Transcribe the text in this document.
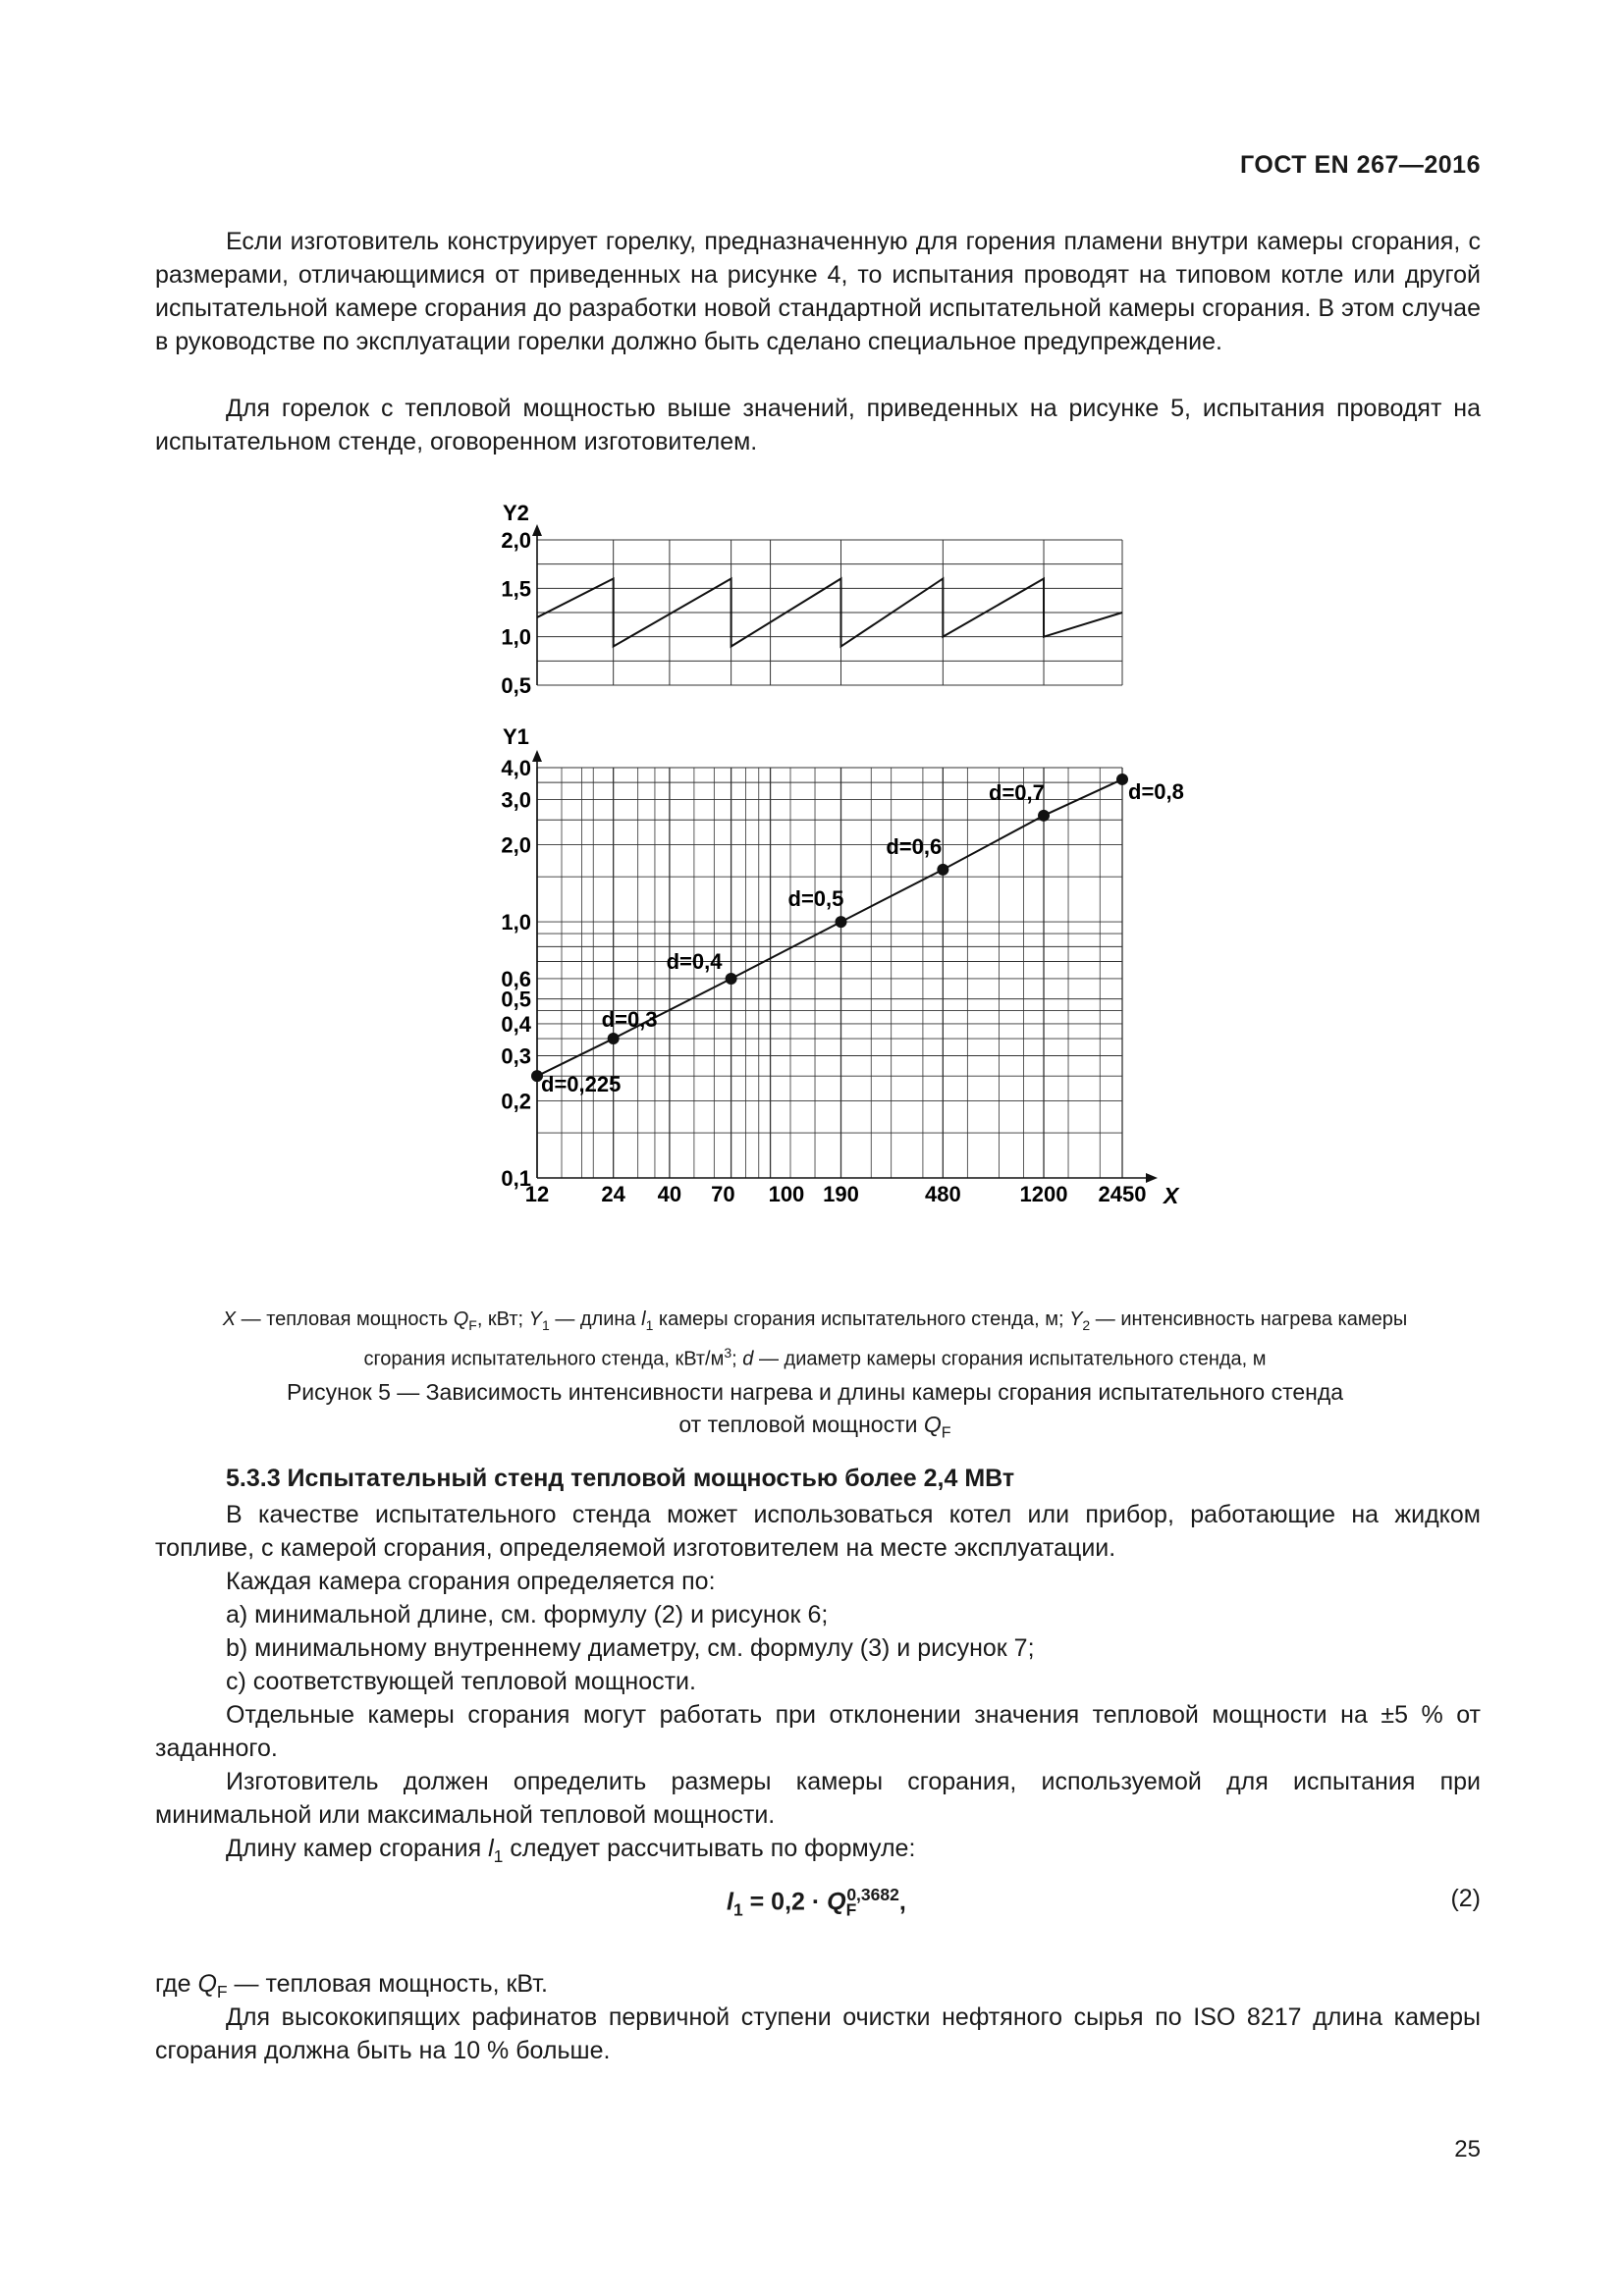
ГОСТ EN 267—2016

Если изготовитель конструирует горелку, предназначенную для горения пламени внутри камеры сгорания, с размерами, отличающимися от приведенных на рисунке 4, то испытания проводят на типовом котле или другой испытательной камере сгорания до разработки новой стандартной испытательной камеры сгорания. В этом случае в руководстве по эксплуатации горелки должно быть сделано специальное предупреждение.

Для горелок с тепловой мощностью выше значений, приведенных на рисунке 5, испытания проводят на испытательном стенде, оговоренном изготовителем.

Y2
0,5
1,0
1,5
2,0
Y1
X
0,1
0,2
0,3
0,4
0,5
0,6
1,0
2,0
3,0
4,0
12 24 40 70 100 190	480	1200 2450
d=0,225
d=0,3
d=0,4
d=0,5
d=0,6
d=0,7	d=0,8
X — тепловая мощность $Q_F$, кВт; $Y_1$ — длина $l_1$ камеры сгорания испытательного стенда, м; $Y_2$ — интенсивность нагрева камеры
сгорания испытательного стенда, кВт/$м^3$; d — диаметр камеры сгорания испытательного стенда, м
Рисунок 5 — Зависимость интенсивности нагрева и длины камеры сгорания испытательного стенда
от тепловой мощности $Q_F$
5.3.3 Испытательный стенд тепловой мощностью более 2,4 МВт

В качестве испытательного стенда может использоваться котел или прибор, работающие на жидком топливе, с камерой сгорания, определяемой изготовителем на месте эксплуатации.

Каждая камера сгорания определяется по:

а) минимальной длине, см. формулу (2) и рисунок 6;

b) минимальному внутреннему диаметру, см. формулу (3) и рисунок 7;

с) соответствующей тепловой мощности.

Отдельные камеры сгорания могут работать при отклонении значения тепловой мощности на ±5 % от заданного.

Изготовитель должен определить размеры камеры сгорания, используемой для испытания при минимальной или максимальной тепловой мощности.

Длину камер сгорания $l_1$ следует рассчитывать по формуле:

$l_1 = 0,2 \cdot Q_F^{0,3682}$,	(2)

где $Q_F$ — тепловая мощность, кВт.

Для высококипящих рафинатов первичной ступени очистки нефтяного сырья по ISO 8217 длина камеры сгорания должна быть на 10 % больше.

25
